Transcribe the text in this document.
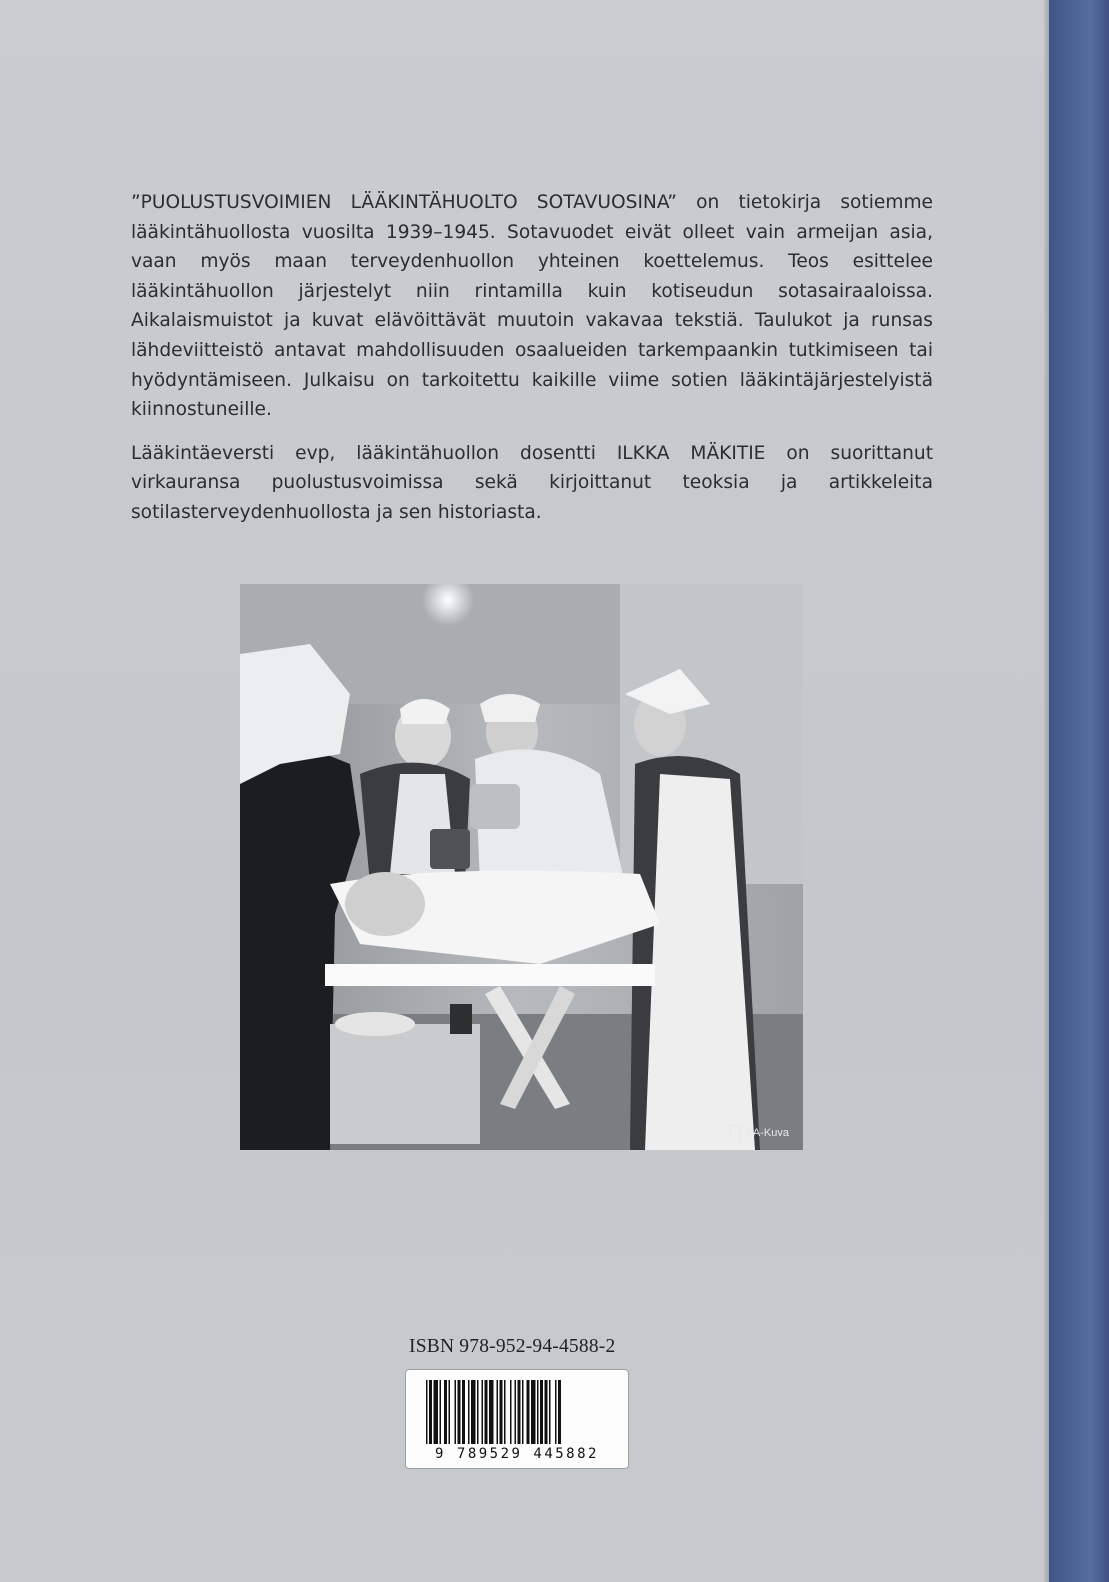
”PUOLUSTUSVOIMIEN LÄÄKINTÄHUOLTO SOTAVUOSINA” on tietokirja sotiemme lääkintähuollosta vuosilta 1939–1945. Sotavuodet eivät olleet vain armeijan asia, vaan myös maan terveydenhuollon yhteinen koettelemus. Teos esittelee lääkintähuollon järjestelyt niin rintamilla kuin kotiseudun sotasairaaloissa. Aikalaismuistot ja kuvat elävöittävät muutoin vakavaa tekstiä. Taulukot ja runsas lähdeviitteistö antavat mahdollisuuden osaalueiden tarkempaankin tutkimiseen tai hyödyntämiseen. Julkaisu on tarkoitettu kaikille viime sotien lääkintäjärjestelyistä kiinnostuneille.

Lääkintäeversti evp, lääkintähuollon dosentti ILKKA MÄKITIE on suorittanut virkauransa puolustusvoimissa sekä kirjoittanut teoksia ja artikkeleita sotilasterveydenhuollosta ja sen historiasta.

SA-Kuva
ISBN 978-952-94-4588-2
9 789529 445882
